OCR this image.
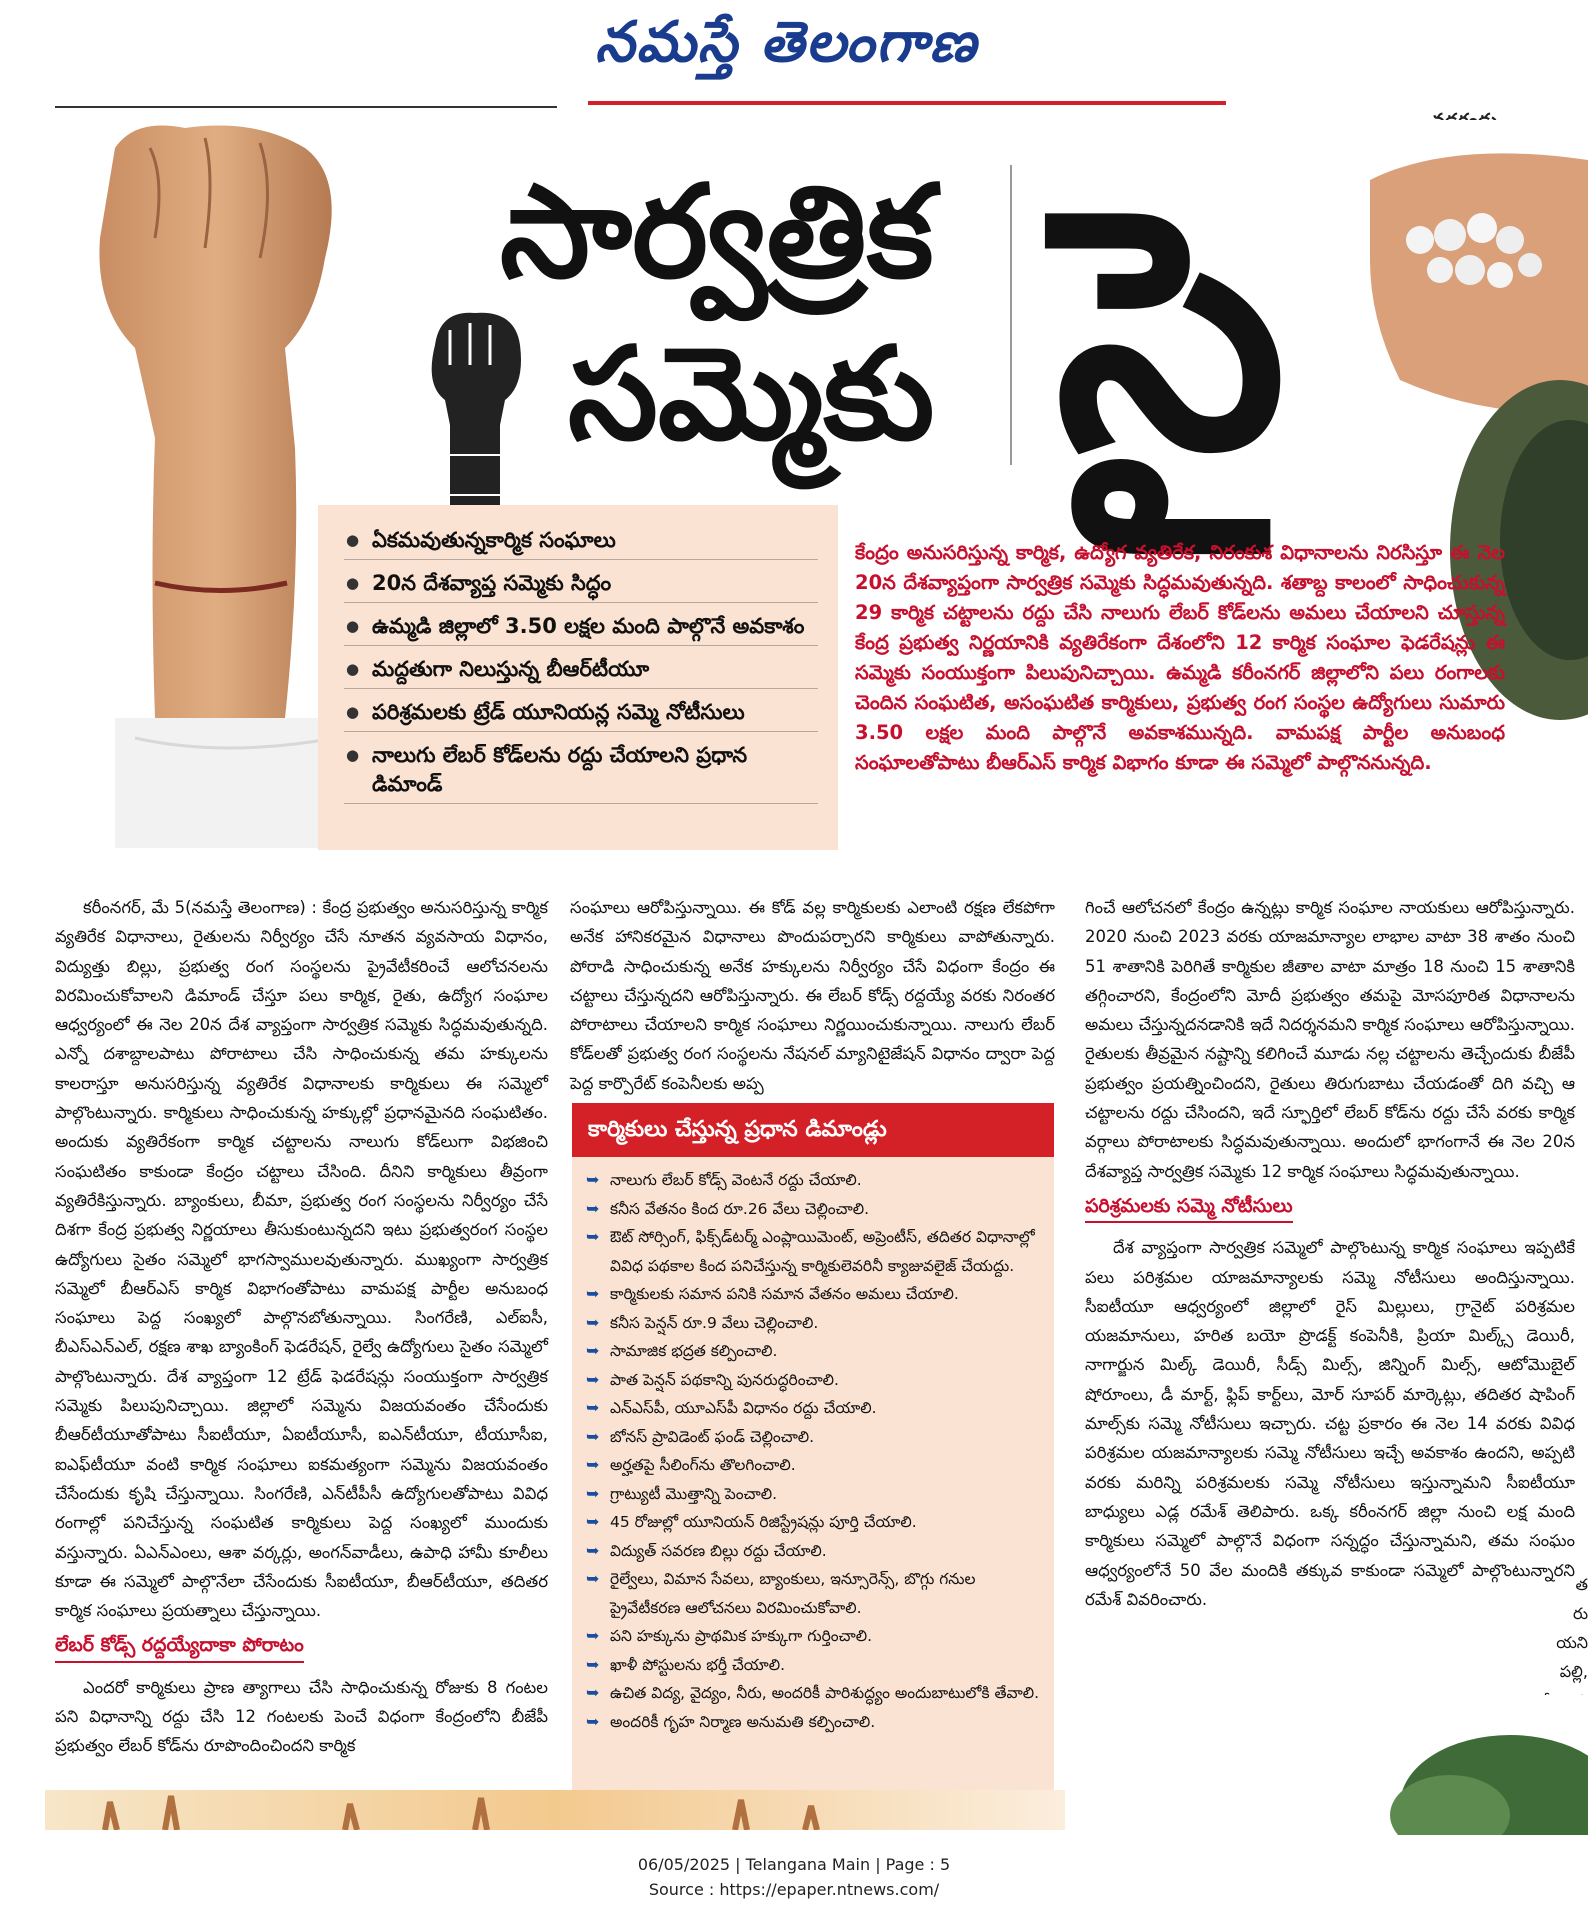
నమస్తే తెలంగాణ
సార్వత్రిక
సమ్మెకు సై
● ఏకమవుతున్నకార్మిక సంఘాలు
● 20న దేశవ్యాప్త సమ్మెకు సిద్ధం
● ఉమ్మడి జిల్లాలో 3.50 లక్షల మంది పాల్గొనే అవకాశం
● మద్దతుగా నిలుస్తున్న బీఆర్‌టీయూ
● పరిశ్రమలకు ట్రేడ్ యూనియన్ల సమ్మె నోటీసులు
● నాలుగు లేబర్ కోడ్‌లను రద్దు చేయాలని ప్రధాన డిమాండ్
కేంద్రం అనుసరిస్తున్న కార్మిక, ఉద్యోగ వ్యతిరేక, నిరంకుశ విధానాలను నిరసిస్తూ ఈ నెల 20న దేశవ్యాప్తంగా సార్వత్రిక సమ్మెకు సిద్ధమవుతున్నది. శతాబ్ద కాలంలో సాధించుకున్న 29 కార్మిక చట్టాలను రద్దు చేసి నాలుగు లేబర్ కోడ్‌లను అమలు చేయాలని చూస్తున్న కేంద్ర ప్రభుత్వ నిర్ణయానికి వ్యతిరేకంగా దేశంలోని 12 కార్మిక సంఘాల ఫెడరేషన్లు ఈ సమ్మెకు సంయుక్తంగా పిలుపునిచ్చాయి. ఉమ్మడి కరీంనగర్ జిల్లాలోని పలు రంగాలకు చెందిన సంఘటిత, అసంఘటిత కార్మికులు, ప్రభుత్వ రంగ సంస్థల ఉద్యోగులు సుమారు 3.50 లక్షల మంది పాల్గొనే అవకాశమున్నది. వామపక్ష పార్టీల అనుబంధ సంఘాలతోపాటు బీఆర్‌ఎస్ కార్మిక విభాగం కూడా ఈ సమ్మెలో పాల్గొననున్నది.

కరీంనగర్, మే 5(నమస్తే తెలంగాణ) : కేంద్ర ప్రభుత్వం అనుసరిస్తున్న కార్మిక వ్యతిరేక విధానాలు, రైతులను నిర్వీర్యం చేసే నూతన వ్యవసాయ విధానం, విద్యుత్తు బిల్లు, ప్రభుత్వ రంగ సంస్థలను ప్రైవేటీకరించే ఆలోచనలను విరమించుకోవాలని డిమాండ్ చేస్తూ పలు కార్మిక, రైతు, ఉద్యోగ సంఘాల ఆధ్వర్యంలో ఈ నెల 20న దేశ వ్యాప్తంగా సార్వత్రిక సమ్మెకు సిద్ధమవుతున్నది. ఎన్నో దశాబ్దాలపాటు పోరాటాలు చేసి సాధించుకున్న తమ హక్కులను కాలరాస్తూ అనుసరిస్తున్న వ్యతిరేక విధానాలకు కార్మికులు ఈ సమ్మెలో పాల్గొంటున్నారు. కార్మికులు సాధించుకున్న హక్కుల్లో ప్రధానమైనది సంఘటితం. అందుకు వ్యతిరేకంగా కార్మిక చట్టాలను నాలుగు కోడ్‌లుగా విభజించి సంఘటితం కాకుండా కేంద్రం చట్టాలు చేసింది. దీనిని కార్మికులు తీవ్రంగా వ్యతిరేకిస్తున్నారు. బ్యాంకులు, బీమా, ప్రభుత్వ రంగ సంస్థలను నిర్వీర్యం చేసే దిశగా కేంద్ర ప్రభుత్వ నిర్ణయాలు తీసుకుంటున్నదని ఇటు ప్రభుత్వరంగ సంస్థల ఉద్యోగులు సైతం సమ్మెలో భాగస్వాములవుతున్నారు. ముఖ్యంగా సార్వత్రిక సమ్మెలో బీఆర్ఎస్ కార్మిక విభాగంతోపాటు వామపక్ష పార్టీల అనుబంధ సంఘాలు పెద్ద సంఖ్యలో పాల్గొనబోతున్నాయి. సింగరేణి, ఎల్ఐసీ, బీఎస్ఎన్ఎల్, రక్షణ శాఖ బ్యాంకింగ్ ఫెడరేషన్, రైల్వే ఉద్యోగులు సైతం సమ్మెలో పాల్గొంటున్నారు. దేశ వ్యాప్తంగా 12 ట్రేడ్ ఫెడరేషన్లు సంయుక్తంగా సార్వత్రిక సమ్మెకు పిలుపునిచ్చాయి. జిల్లాలో సమ్మెను విజయవంతం చేసేందుకు బీఆర్‌టీయూతోపాటు సీఐటీయూ, ఏఐటీయూసీ, ఐఎన్‌టీయూ, టీయూసీఐ, ఐఎఫ్‌టీయూ వంటి కార్మిక సంఘాలు ఐకమత్యంగా సమ్మెను విజయవంతం చేసేందుకు కృషి చేస్తున్నాయి. సింగరేణి, ఎన్‌టీపీసీ ఉద్యోగులతోపాటు వివిధ రంగాల్లో పనిచేస్తున్న సంఘటిత కార్మికులు పెద్ద సంఖ్యలో ముందుకు వస్తున్నారు. ఏఎన్ఎంలు, ఆశా వర్కర్లు, అంగన్‌వాడీలు, ఉపాధి హామీ కూలీలు కూడా ఈ సమ్మెలో పాల్గొనేలా చేసేందుకు సీఐటీయూ, బీఆర్‌టీయూ, తదితర కార్మిక సంఘాలు ప్రయత్నాలు చేస్తున్నాయి.

లేబర్ కోడ్స్ రద్దయ్యేదాకా పోరాటం

ఎందరో కార్మికులు ప్రాణ త్యాగాలు చేసి సాధించుకున్న రోజుకు 8 గంటల పని విధానాన్ని రద్దు చేసి 12 గంటలకు పెంచే విధంగా కేంద్రంలోని బీజేపీ ప్రభుత్వం లేబర్ కోడ్‌ను రూపొందించిందని కార్మిక

సంఘాలు ఆరోపిస్తున్నాయి. ఈ కోడ్ వల్ల కార్మికులకు ఎలాంటి రక్షణ లేకపోగా అనేక హానికరమైన విధానాలు పొందుపర్చారని కార్మికులు వాపోతున్నారు. పోరాడి సాధించుకున్న అనేక హక్కులను నిర్వీర్యం చేసే విధంగా కేంద్రం ఈ చట్టాలు చేస్తున్నదని ఆరోపిస్తున్నారు. ఈ లేబర్ కోడ్స్ రద్దయ్యే వరకు నిరంతర పోరాటాలు చేయాలని కార్మిక సంఘాలు నిర్ణయించుకున్నాయి. నాలుగు లేబర్ కోడ్‌లతో ప్రభుత్వ రంగ సంస్థలను నేషనల్ మ్యానిటైజేషన్ విధానం ద్వారా పెద్ద పెద్ద కార్పొరేట్ కంపెనీలకు అప్ప

కార్మికులు చేస్తున్న ప్రధాన డిమాండ్లు
➥ నాలుగు లేబర్ కోడ్స్ వెంటనే రద్దు చేయాలి.
➥ కనీస వేతనం కింద రూ.26 వేలు చెల్లించాలి.
➥ ఔట్ సోర్సింగ్, ఫిక్స్‌డ్‌టర్మ్ ఎంప్లాయిమెంట్, అప్రెంటీస్, తదితర విధానాల్లో వివిధ పథకాల కింద పనిచేస్తున్న కార్మికులెవరినీ క్యాజువలైజ్ చేయద్దు.
➥ కార్మికులకు సమాన పనికి సమాన వేతనం అమలు చేయాలి.
➥ కనీస పెన్షన్ రూ.9 వేలు చెల్లించాలి.
➥ సామాజిక భద్రత కల్పించాలి.
➥ పాత పెన్షన్ పథకాన్ని పునరుద్ధరించాలి.
➥ ఎన్‌ఎస్‌పీ, యూఎస్‌పీ విధానం రద్దు చేయాలి.
➥ బోనస్ ప్రావిడెంట్ ఫండ్ చెల్లించాలి.
➥ అర్హతపై సీలింగ్‌ను తొలగించాలి.
➥ గ్రాట్యుటీ మొత్తాన్ని పెంచాలి.
➥ 45 రోజుల్లో యూనియన్ రిజిస్ట్రేషన్లు పూర్తి చేయాలి.
➥ విద్యుత్ సవరణ బిల్లు రద్దు చేయాలి.
➥ రైల్వేలు, విమాన సేవలు, బ్యాంకులు, ఇన్సూరెన్స్, బొగ్గు గనుల ప్రైవేటీకరణ ఆలోచనలు విరమించుకోవాలి.
➥ పని హక్కును ప్రాథమిక హక్కుగా గుర్తించాలి.
➥ ఖాళీ పోస్టులను భర్తీ చేయాలి.
➥ ఉచిత విద్య, వైద్యం, నీరు, అందరికీ పారిశుద్ధ్యం అందుబాటులోకి తేవాలి.
➥ అందరికీ గృహ నిర్మాణ అనుమతి కల్పించాలి.

గించే ఆలోచనలో కేంద్రం ఉన్నట్లు కార్మిక సంఘాల నాయకులు ఆరోపిస్తున్నారు. 2020 నుంచి 2023 వరకు యాజమాన్యాల లాభాల వాటా 38 శాతం నుంచి 51 శాతానికి పెరిగితే కార్మికుల జీతాల వాటా మాత్రం 18 నుంచి 15 శాతానికి తగ్గించారని, కేంద్రంలోని మోదీ ప్రభుత్వం తమపై మోసపూరిత విధానాలను అమలు చేస్తున్నదనడానికి ఇదే నిదర్శనమని కార్మిక సంఘాలు ఆరోపిస్తున్నాయి. రైతులకు తీవ్రమైన నష్టాన్ని కలిగించే మూడు నల్ల చట్టాలను తెచ్చేందుకు బీజేపీ ప్రభుత్వం ప్రయత్నించిందని, రైతులు తిరుగుబాటు చేయడంతో దిగి వచ్చి ఆ చట్టాలను రద్దు చేసిందని, ఇదే స్ఫూర్తిలో లేబర్ కోడ్‌ను రద్దు చేసే వరకు కార్మిక వర్గాలు పోరాటాలకు సిద్ధమవుతున్నాయి. అందులో భాగంగానే ఈ నెల 20న దేశవ్యాప్త సార్వత్రిక సమ్మెకు 12 కార్మిక సంఘాలు సిద్ధమవుతున్నాయి.

పరిశ్రమలకు సమ్మె నోటీసులు

దేశ వ్యాప్తంగా సార్వత్రిక సమ్మెలో పాల్గొంటున్న కార్మిక సంఘాలు ఇప్పటికే పలు పరిశ్రమల యాజమాన్యాలకు సమ్మె నోటీసులు అందిస్తున్నాయి. సీఐటీయూ ఆధ్వర్యంలో జిల్లాలో రైస్ మిల్లులు, గ్రానైట్ పరిశ్రమల యజమానులు, హరిత బయో ప్రొడక్ట్ కంపెనీకి, ప్రియా మిల్క్స్ డెయిరీ, నాగార్జున మిల్క్ డెయిరీ, సీడ్స్ మిల్స్, జిన్నింగ్ మిల్స్, ఆటోమొబైల్ షోరూంలు, డీ మార్ట్, ఫ్లిప్ కార్ట్‌లు, మోర్ సూపర్ మార్కెట్లు, తదితర షాపింగ్ మాల్స్‌కు సమ్మె నోటీసులు ఇచ్చారు. చట్ట ప్రకారం ఈ నెల 14 వరకు వివిధ పరిశ్రమల యజమాన్యాలకు సమ్మె నోటీసులు ఇచ్చే అవకాశం ఉందని, అప్పటి వరకు మరిన్ని పరిశ్రమలకు సమ్మె నోటీసులు ఇస్తున్నామని సీఐటీయూ బాధ్యులు ఎడ్ల రమేశ్ తెలిపారు. ఒక్క కరీంనగర్ జిల్లా నుంచి లక్ష మంది కార్మికులు సమ్మెలో పాల్గొనే విధంగా సన్నద్ధం చేస్తున్నామని, తమ సంఘం ఆధ్వర్యంలోనే 50 వేల మందికి తక్కువ కాకుండా సమ్మెలో పాల్గొంటున్నారని రమేశ్ వివరించారు.

త
రు
యని
పల్లి,
06/05/2025 | Telangana Main | Page : 5
Source : https://epaper.ntnews.com/
